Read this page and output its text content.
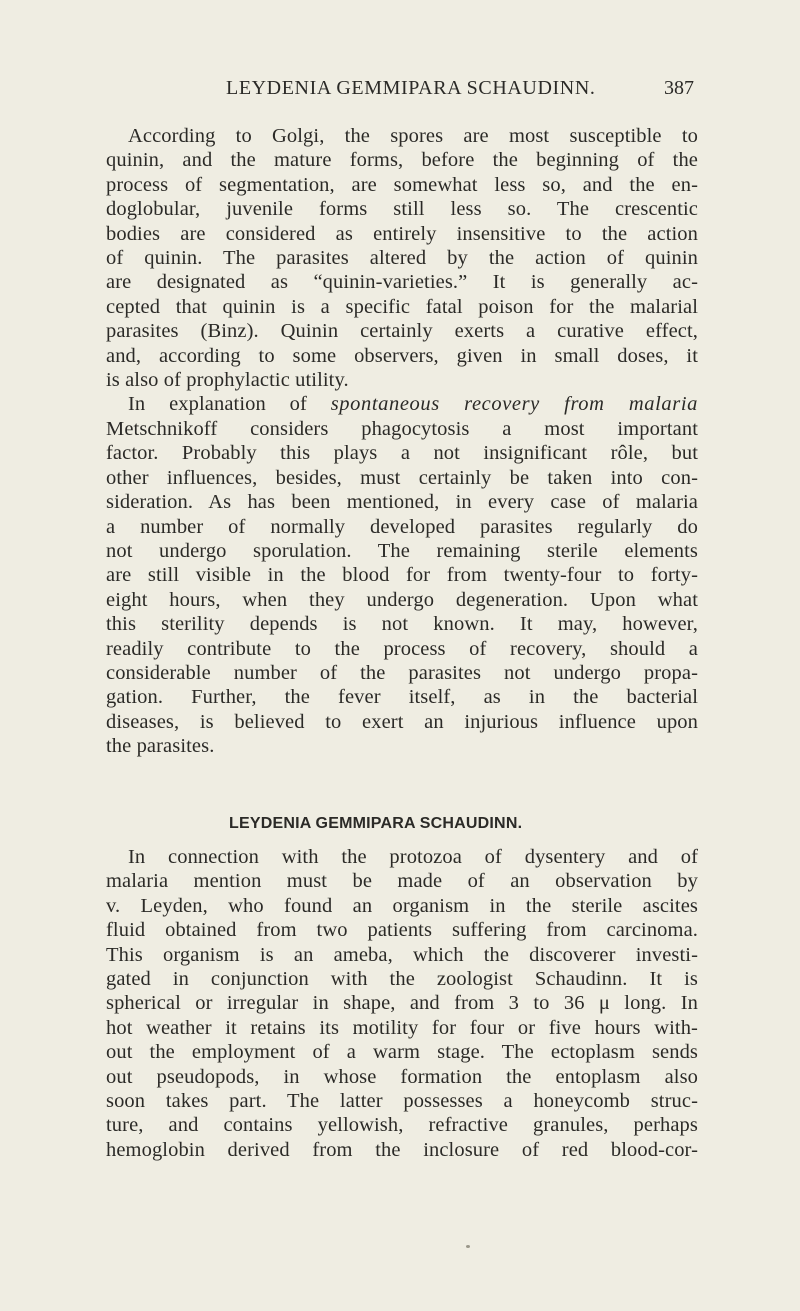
LEYDENIA GEMMIPARA SCHAUDINN.	387
According to Golgi, the spores are most susceptible to
quinin, and the mature forms, before the beginning of the
process of segmentation, are somewhat less so, and the en-
doglobular, juvenile forms still less so. The crescentic
bodies are considered as entirely insensitive to the action
of quinin. The parasites altered by the action of quinin
are designated as “quinin-varieties.” It is generally ac-
cepted that quinin is a specific fatal poison for the malarial
parasites (Binz). Quinin certainly exerts a curative effect,
and, according to some observers, given in small doses, it
is also of prophylactic utility.
In explanation of spontaneous recovery from malaria
Metschnikoff considers phagocytosis a most important
factor. Probably this plays a not insignificant rôle, but
other influences, besides, must certainly be taken into con-
sideration. As has been mentioned, in every case of malaria
a number of normally developed parasites regularly do
not undergo sporulation. The remaining sterile elements
are still visible in the blood for from twenty-four to forty-
eight hours, when they undergo degeneration. Upon what
this sterility depends is not known. It may, however,
readily contribute to the process of recovery, should a
considerable number of the parasites not undergo propa-
gation. Further, the fever itself, as in the bacterial
diseases, is believed to exert an injurious influence upon
the parasites.
LEYDENIA GEMMIPARA SCHAUDINN.
In connection with the protozoa of dysentery and of
malaria mention must be made of an observation by
v. Leyden, who found an organism in the sterile ascites
fluid obtained from two patients suffering from carcinoma.
This organism is an ameba, which the discoverer investi-
gated in conjunction with the zoologist Schaudinn. It is
spherical or irregular in shape, and from 3 to 36 μ long. In
hot weather it retains its motility for four or five hours with-
out the employment of a warm stage. The ectoplasm sends
out pseudopods, in whose formation the entoplasm also
soon takes part. The latter possesses a honeycomb struc-
ture, and contains yellowish, refractive granules, perhaps
hemoglobin derived from the inclosure of red blood-cor-
